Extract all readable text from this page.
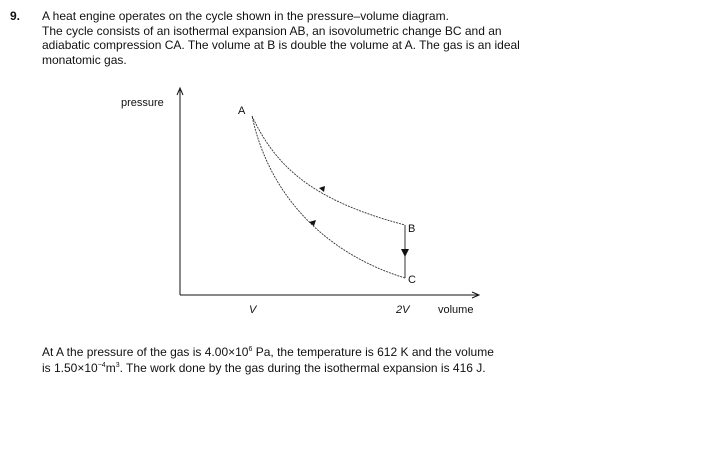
9. A heat engine operates on the cycle shown in the pressure–volume diagram.
The cycle consists of an isothermal expansion AB, an isovolumetric change BC and an
adiabatic compression CA. The volume at B is double the volume at A. The gas is an ideal
monatomic gas.
pressure
volume
V	2V
A
B
C
At A the pressure of the gas is $4.00\times 10^6$ Pa, the temperature is 612 K and the volume
is $1.50\times 10^{-4}m^3$. The work done by the gas during the isothermal expansion is 416 J.
